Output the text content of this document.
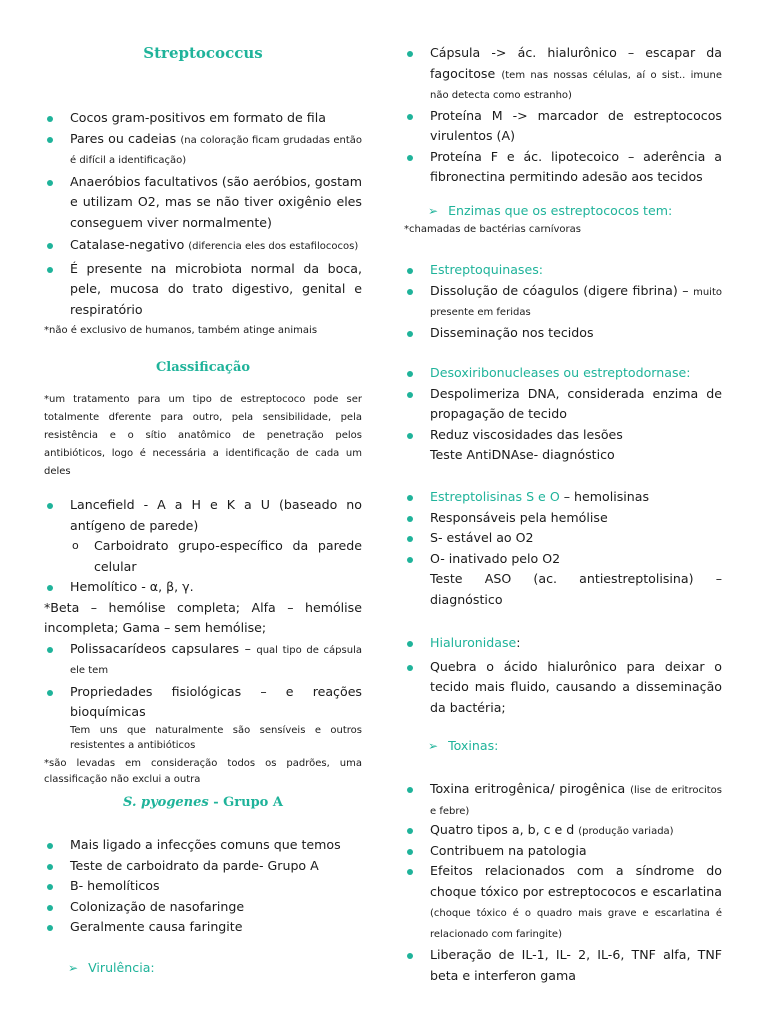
Streptococcus
Cocos gram-positivos em formato de fila
Pares ou cadeias (na coloração ficam grudadas então é difícil a identificação)
Anaeróbios facultativos (são aeróbios, gostam e utilizam O2, mas se não tiver oxigênio eles conseguem viver normalmente)
Catalase-negativo (diferencia eles dos estafilococos)
É presente na microbiota normal da boca, pele, mucosa do trato digestivo, genital e respiratório
*não é exclusivo de humanos, também atinge animais
Classificação
*um tratamento para um tipo de estreptococo pode ser totalmente dferente para outro, pela sensibilidade, pela resistência e o sítio anatômico de penetração pelos antibióticos, logo é necessária a identificação de cada um deles
Lancefield - A a H e K a U (baseado no antígeno de parede)
o Carboidrato grupo-específico da parede celular
Hemolítico - α, β, γ.
*Beta – hemólise completa; Alfa – hemólise incompleta; Gama – sem hemólise;
Polissacarídeos capsulares – qual tipo de cápsula ele tem
Propriedades fisiológicas – e reações bioquímicas
Tem uns que naturalmente são sensíveis e outros resistentes a antibióticos
*são levadas em consideração todos os padrões, uma classificação não exclui a outra
S. pyogenes - Grupo A
Mais ligado a infecções comuns que temos
Teste de carboidrato da parde- Grupo A
B- hemolíticos
Colonização de nasofaringe
Geralmente causa faringite
➢ Virulência:
Cápsula -> ác. hialurônico – escapar da fagocitose (tem nas nossas células, aí o sist.. imune não detecta como estranho)
Proteína M -> marcador de estreptococos virulentos (A)
Proteína F e ác. lipotecoico – aderência a fibronectina permitindo adesão aos tecidos
➢ Enzimas que os estreptococos tem:
*chamadas de bactérias carnívoras
Estreptoquinases:
Dissolução de cóagulos (digere fibrina) – muito presente em feridas
Disseminação nos tecidos
Desoxiribonucleases ou estreptodornase:
Despolimeriza DNA, considerada enzima de propagação de tecido
Reduz viscosidades das lesões
Teste AntiDNAse- diagnóstico
Estreptolisinas S e O – hemolisinas
Responsáveis pela hemólise
S- estável ao O2
O- inativado pelo O2
Teste ASO (ac. antiestreptolisina) – diagnóstico
Hialuronidase:
Quebra o ácido hialurônico para deixar o tecido mais fluido, causando a disseminação da bactéria;
➢ Toxinas:
Toxina eritrogênica/ pirogênica (lise de eritrocitos e febre)
Quatro tipos a, b, c e d (produção variada)
Contribuem na patologia
Efeitos relacionados com a síndrome do choque tóxico por estreptococos e escarlatina (choque tóxico é o quadro mais grave e escarlatina é relacionado com faringite)
Liberação de IL-1, IL- 2, IL-6, TNF alfa, TNF beta e interferon gama
